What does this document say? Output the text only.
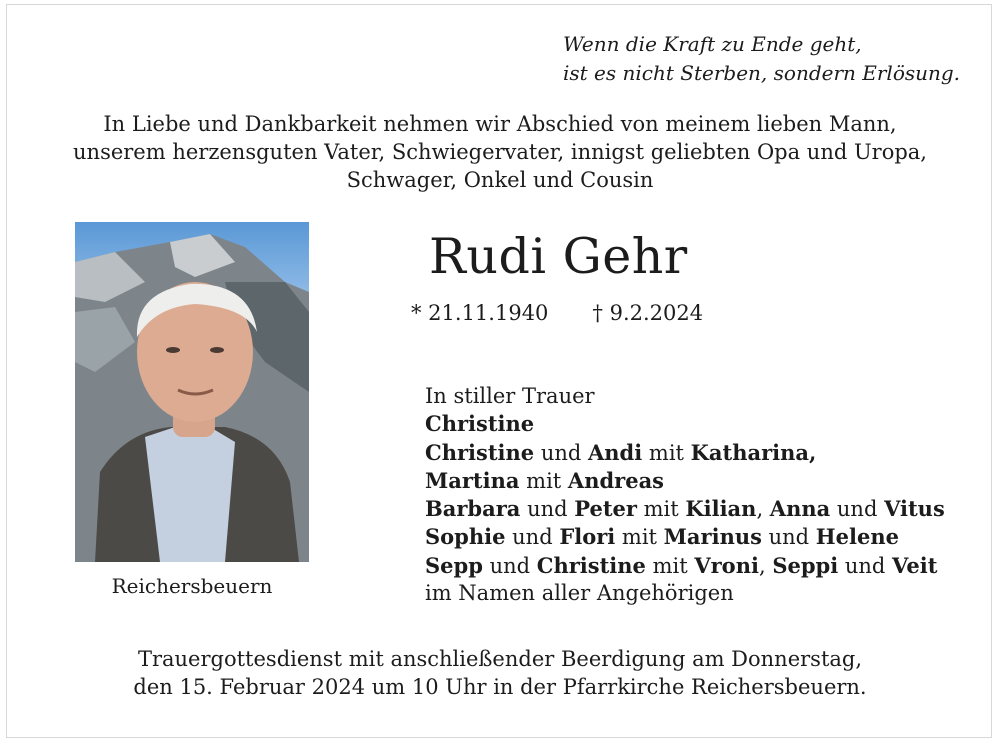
Wenn die Kraft zu Ende geht,
ist es nicht Sterben, sondern Erlösung.
In Liebe und Dankbarkeit nehmen wir Abschied von meinem lieben Mann,
unserem herzensguten Vater, Schwiegervater, innigst geliebten Opa und Uropa,
Schwager, Onkel und Cousin
Reichersbeuern
Rudi Gehr
* 21.11.1940 † 9.2.2024
In stiller Trauer
Christine
Christine und Andi mit Katharina,
Martina mit Andreas
Barbara und Peter mit Kilian, Anna und Vitus
Sophie und Flori mit Marinus und Helene
Sepp und Christine mit Vroni, Seppi und Veit
im Namen aller Angehörigen
Trauergottesdienst mit anschließender Beerdigung am Donnerstag,
den 15. Februar 2024 um 10 Uhr in der Pfarrkirche Reichersbeuern.
